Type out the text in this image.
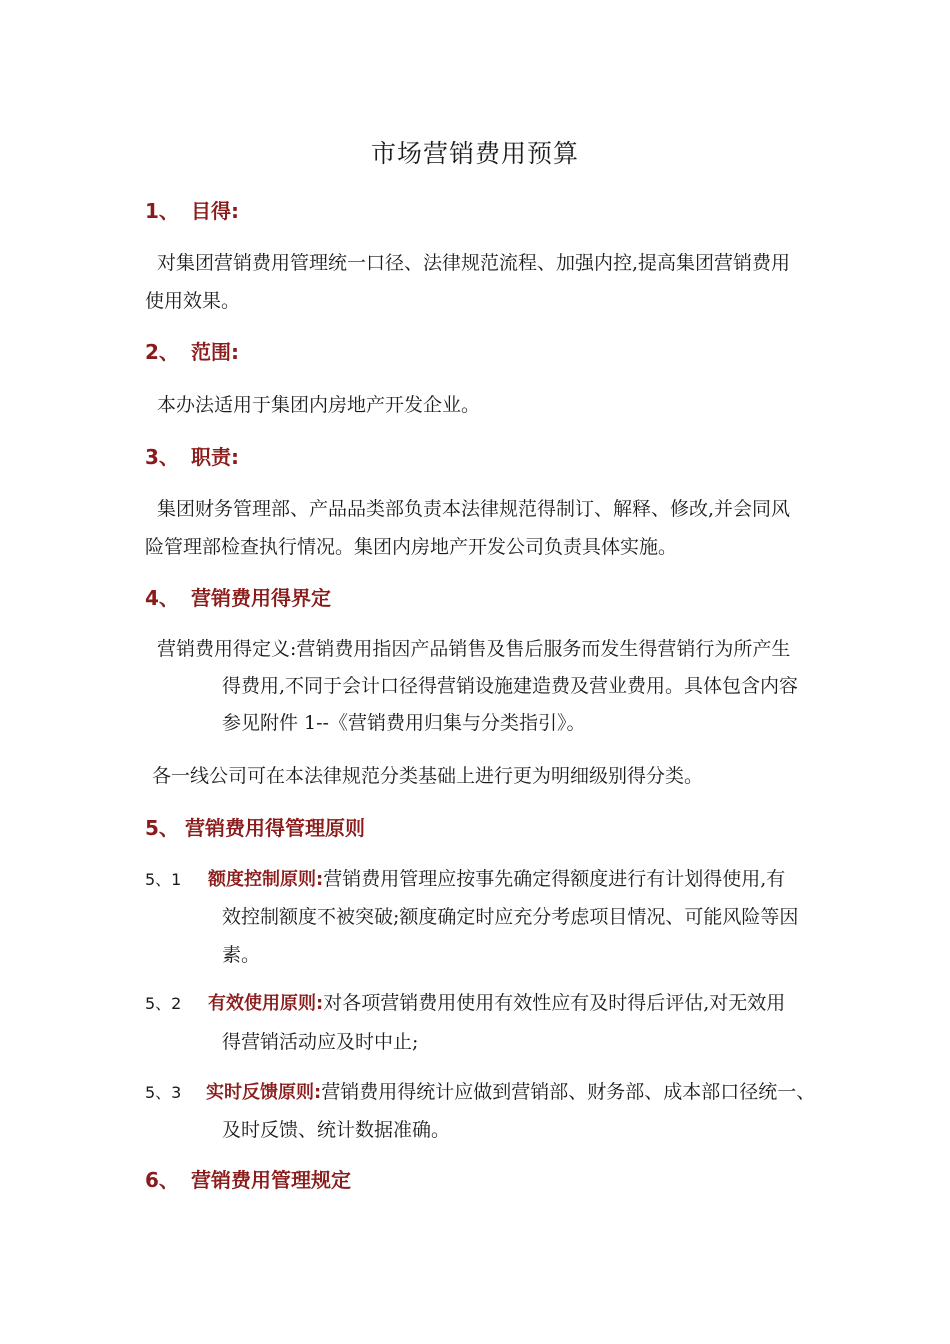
市场营销费用预算
1、 目得:
对集团营销费用管理统一口径、法律规范流程、加强内控,提高集团营销费用
使用效果。
2、 范围:
本办法适用于集团内房地产开发企业。
3、 职责:
集团财务管理部、产品品类部负责本法律规范得制订、解释、修改,并会同风
险管理部检查执行情况。集团内房地产开发公司负责具体实施。
4、 营销费用得界定
营销费用得定义:营销费用指因产品销售及售后服务而发生得营销行为所产生
得费用,不同于会计口径得营销设施建造费及营业费用。具体包含内容
参见附件 1--《营销费用归集与分类指引》。
各一线公司可在本法律规范分类基础上进行更为明细级别得分类。
5、 营销费用得管理原则
5、1 额度控制原则:营销费用管理应按事先确定得额度进行有计划得使用,有
效控制额度不被突破;额度确定时应充分考虑项目情况、可能风险等因
素。
5、2 有效使用原则:对各项营销费用使用有效性应有及时得后评估,对无效用
得营销活动应及时中止;
5、3 实时反馈原则:营销费用得统计应做到营销部、财务部、成本部口径统一、
及时反馈、统计数据准确。
6、 营销费用管理规定
